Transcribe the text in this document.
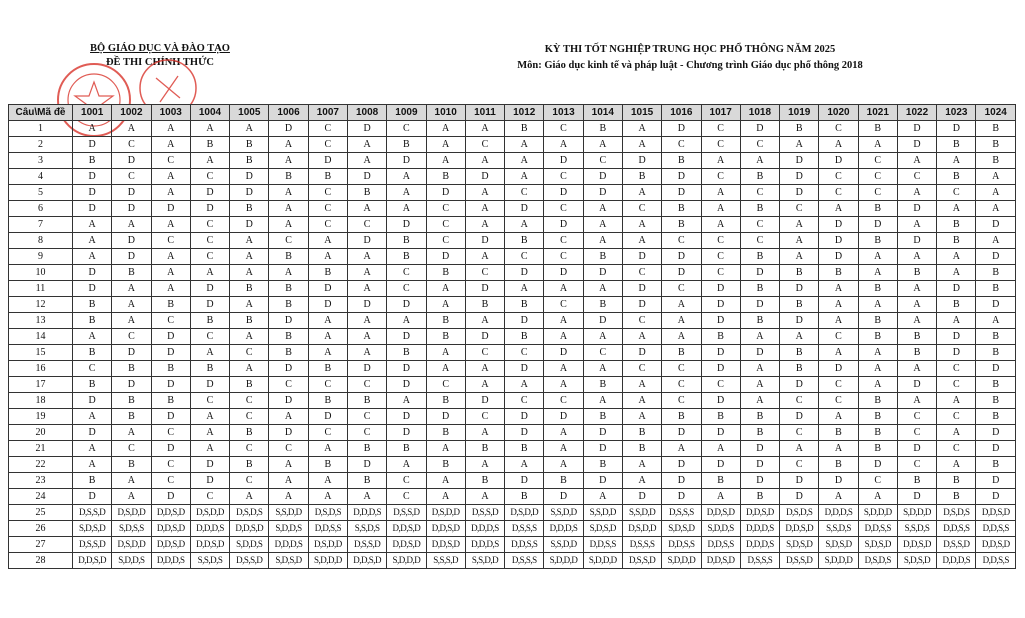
BỘ GIÁO DỤC VÀ ĐÀO TẠO
ĐỀ THI CHÍNH THỨC
KỲ THI TỐT NGHIỆP TRUNG HỌC PHỔ THÔNG NĂM 2025
Môn: Giáo dục kinh tế và pháp luật - Chương trình Giáo dục phổ thông 2018
Câu\Mã đề	1001	1002	1003	1004	1005	1006	1007	1008	1009	1010	1011	1012	1013	1014	1015	1016	1017	1018	1019	1020	1021	1022	1023	1024
1	A	A	A	A	A	D	C	D	C	A	A	B	C	B	A	D	C	D	B	C	B	D	D	B
2	D	C	A	B	B	A	C	A	B	A	C	A	A	A	A	C	C	C	A	A	A	D	B	B
3	B	D	C	A	B	A	D	A	D	A	A	A	D	C	D	B	A	A	D	D	C	A	A	B
4	D	C	A	C	D	B	B	D	A	B	D	A	C	D	B	D	C	B	D	C	C	C	B	A
5	D	D	A	D	D	A	C	B	A	D	A	C	D	D	A	D	A	C	D	C	C	A	C	A
6	D	D	D	D	B	A	C	A	A	C	A	D	C	A	C	B	A	B	C	A	B	D	A	A
7	A	A	A	C	D	A	C	C	D	C	A	A	D	A	A	B	A	C	A	D	D	A	B	D
8	A	D	C	C	A	C	A	D	B	C	D	B	C	A	A	C	C	C	A	D	B	D	B	A
9	A	D	A	C	A	B	A	A	B	D	A	C	C	B	D	D	C	B	A	D	A	A	A	D
10	D	B	A	A	A	A	B	A	C	B	C	D	D	D	C	D	C	D	B	B	A	B	A	B
11	D	A	A	D	B	B	D	A	C	A	D	A	A	A	D	C	D	B	D	A	B	A	D	B
12	B	A	B	D	A	B	D	D	D	A	B	B	C	B	D	A	D	D	B	A	A	A	B	D
13	B	A	C	B	B	D	A	A	A	B	A	D	A	D	C	A	D	B	D	A	B	A	A	A
14	A	C	D	C	A	B	A	A	D	B	D	B	A	A	A	A	B	A	A	C	B	B	D	B
15	B	D	D	A	C	B	A	A	B	A	C	C	D	C	D	B	D	D	B	A	A	B	D	B
16	C	B	B	B	A	D	B	D	D	A	A	D	A	A	C	C	D	A	B	D	A	A	C	D
17	B	D	D	D	B	C	C	C	D	C	A	A	A	B	A	C	C	A	D	C	A	D	C	B
18	D	B	B	C	C	D	B	B	A	B	D	C	C	A	A	C	D	A	C	C	B	A	A	B
19	A	B	D	A	C	A	D	C	D	D	C	D	D	B	A	B	B	B	D	A	B	C	C	B
20	D	A	C	A	B	D	C	C	D	B	A	D	A	D	B	D	D	B	C	B	B	C	A	D
21	A	C	D	A	C	C	A	B	B	A	B	B	A	D	B	A	A	D	A	A	B	D	C	D
22	A	B	C	D	B	A	B	D	A	B	A	A	A	B	A	D	D	D	C	B	D	C	A	B
23	B	A	C	D	C	A	A	B	C	A	B	D	B	D	A	D	B	D	D	D	C	B	B	D
24	D	A	D	C	A	A	A	A	C	A	A	B	D	A	D	D	A	B	D	A	A	D	B	D
25	D,S,S,D	D,S,D,D	D,D,S,D	D,S,D,D	D,S,D,S	S,S,D,D	D,S,D,S	D,D,D,S	D,S,S,D	D,S,D,D	D,S,S,D	D,S,D,D	S,S,D,D	S,S,D,D	S,S,D,D	D,S,S,S	D,D,S,D	D,D,S,D	D,S,D,S	D,D,D,S	S,D,D,D	S,D,D,D	D,S,D,S	D,D,S,D
26	S,D,S,D	S,D,S,S	D,D,S,D	D,D,D,S	D,D,S,D	S,D,D,S	D,D,S,S	S,S,D,S	D,D,S,D	D,D,S,D	D,D,D,S	D,S,S,S	D,D,D,S	S,D,S,D	D,S,D,D	S,D,S,D	S,D,D,S	D,D,D,S	D,D,S,D	S,S,D,S	D,D,S,S	S,S,D,S	D,D,S,S	D,D,S,S
27	D,S,S,D	D,S,D,D	D,D,S,D	D,D,S,D	S,D,D,S	D,D,D,S	D,S,D,D	D,S,S,D	D,D,S,D	D,D,S,D	D,D,D,S	D,D,S,S	S,S,D,D	D,D,S,S	D,S,S,S	D,D,S,S	D,D,S,S	D,D,D,S	S,D,S,D	S,D,S,D	S,D,S,D	D,D,S,D	D,S,S,D	D,D,S,D
28	D,D,S,D	S,D,D,S	D,D,D,S	S,S,D,S	D,S,S,D	S,D,S,D	S,D,D,D	D,D,S,D	S,D,D,D	S,S,S,D	S,S,D,D	D,S,S,S	S,D,D,D	S,D,D,D	D,S,S,D	S,D,D,D	D,D,S,D	D,S,S,S	D,S,S,D	S,D,D,D	D,S,D,S	S,D,S,D	D,D,D,S	D,D,S,S
